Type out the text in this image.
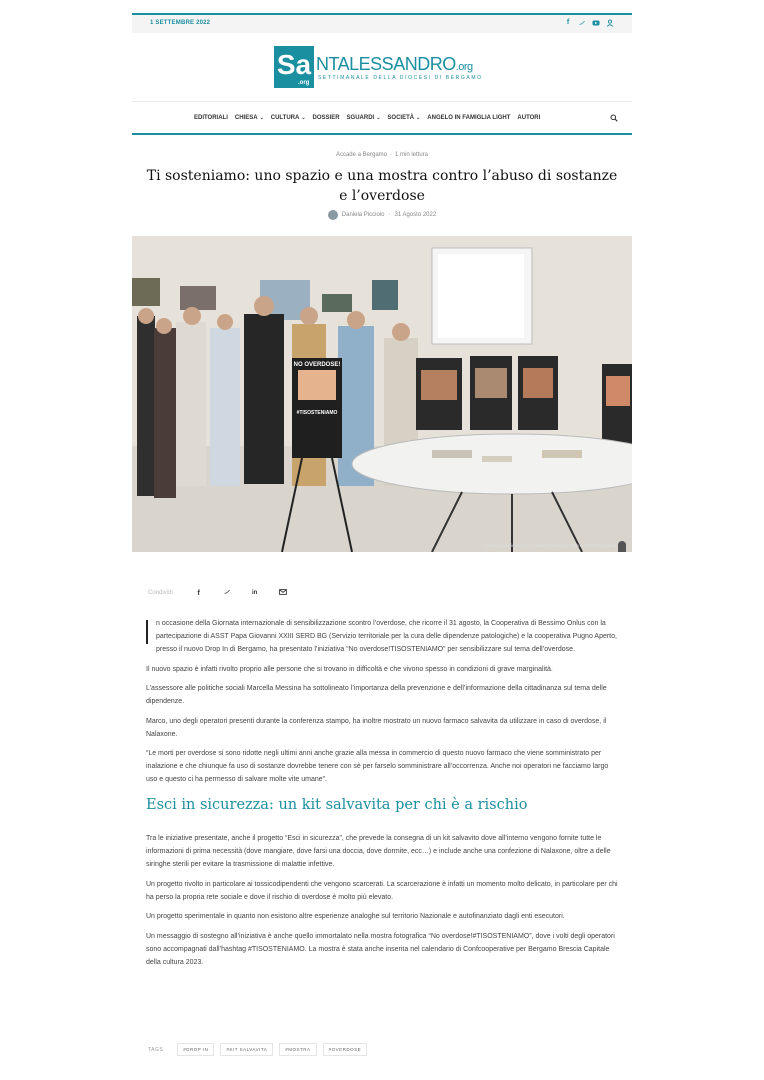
1 SETTEMBRE 2022	f
Sa
.org
NTALESSANDRO.org
SETTIMANALE DELLA DIOCESI DI BERGAMO
EDITORIALI CHIESA ⌄ CULTURA ⌄ DOSSIER SGUARDI ⌄ SOCIETÀ ⌄ ANGELO IN FAMIGLIA LIGHT AUTORI
Accade a Bergamo · 1 min lettura
Ti sosteniamo: uno spazio e una mostra contro l’abuso di sostanze e l’overdose
Daniela Picciolo · 31 Agosto 2022
NO OVERDOSE!
#TISOSTENIAMO
Il nuovo spazio Drop In e alcune immagini della mostra fotografica
Condividi	f	in

n occasione della Giornata internazionale di sensibilizzazione scontro l’overdose, che ricorre il 31 agosto, la Cooperativa di Bessimo Onlus con la partecipazione di ASST Papa Giovanni XXIII SERD BG (Servizio territoriale per la cura delle dipendenze patologiche) e la cooperativa Pugno Aperto, presso il nuovo Drop In di Bergamo, ha presentato l’iniziativa “No overdose!TISOSTENIAMO” per sensibilizzare sul tema dell’overdose.

Il nuovo spazio è infatti rivolto proprio alle persone che si trovano in difficoltà e che vivono spesso in condizioni di grave marginalità.

L’assessore alle politiche sociali Marcella Messina ha sottolineato l’importanza della prevenzione e dell’informazione della cittadinanza sul tema delle dipendenze.

Marco, uno degli operatori presenti durante la conferenza stampo, ha inoltre mostrato un nuovo farmaco salvavita da utilizzare in caso di overdose, il Nalaxone.

“Le morti per overdose si sono ridotte negli ultimi anni anche grazie alla messa in commercio di questo nuovo farmaco che viene somministrato per inalazione e che chiunque fa uso di sostanze dovrebbe tenere con sè per farselo somministrare all’occorrenza. Anche noi operatori ne facciamo largo uso e questo ci ha permesso di salvare molte vite umane”.

Esci in sicurezza: un kit salvavita per chi è a rischio

Tra le iniziative presentate, anche il progetto “Esci in sicurezza”, che prevede la consegna di un kit salvavito dove all’interno vengono fornite tutte le informazioni di prima necessità (dove mangiare, dove farsi una doccia, dove dormite, ecc…) e include anche una confezione di Nalaxone, oltre a delle siringhe sterili per evitare la trasmissione di malattie infettive.

Un progetto rivolto in particolare ai tossicodipendenti che vengono scarcerati. La scarcerazione è infatti un momento molto delicato, in particolare per chi ha perso la propria rete sociale e dove il rischio di overdose è molto più elevato.

Un progetto sperimentale in quanto non esistono altre esperienze analoghe sul territorio Nazionale e autofinanziato dagli enti esecutori.

Un messaggio di sostegno all’iniziativa è anche quello immortalato nella mostra fotografica “No overdose!#TISOSTENIAMO”, dove i volti degli operatori sono accompagnati dall’hashtag #TISOSTENIAMO. La mostra è stata anche inserita nel calendario di Confcooperative per Bergamo Brescia Capitale della cultura 2023.

TAGS	#DROP IN	#KIT SALVAVITA	#MOSTRA	#OVERDOSE
